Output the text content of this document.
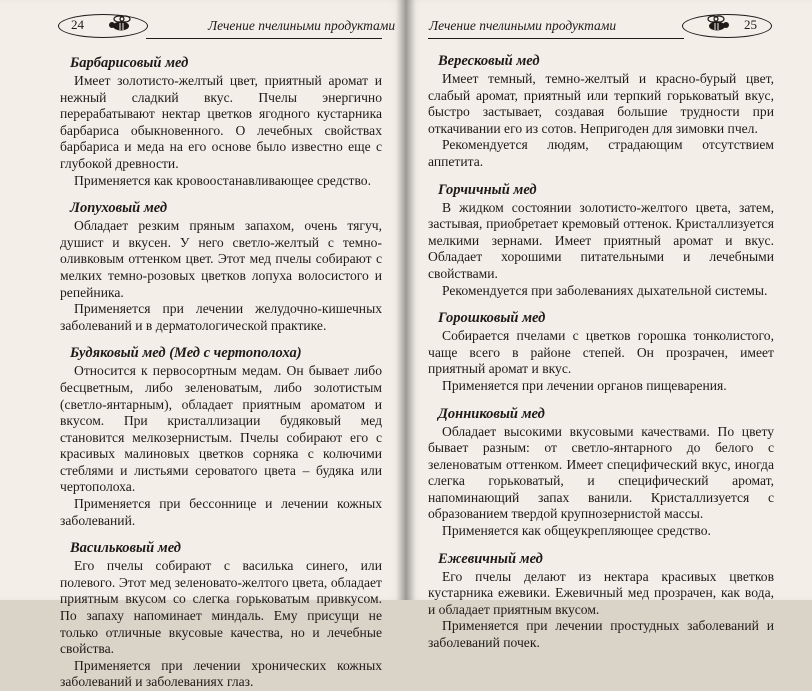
24	Лечение пчелиными продуктами
Барбарисовый мед

Имеет золотисто-желтый цвет, приятный аромат и нежный сладкий вкус. Пчелы энергично перерабатывают нектар цветков ягодного кустарника барбариса обыкновенного. О лечебных свойствах барбариса и меда на его основе было известно еще с глубокой древности.

Применяется как кровоостанавливающее средство.

Лопуховый мед

Обладает резким пряным запахом, очень тягуч, душист и вкусен. У него светло-желтый с темно-оливковым оттенком цвет. Этот мед пчелы собирают с мелких темно-розовых цветков лопуха волосистого и репейника.

Применяется при лечении желудочно-кишечных заболеваний и в дерматологической практике.

Будяковый мед (Мед с чертополоха)

Относится к первосортным медам. Он бывает либо бесцветным, либо зеленоватым, либо золотистым (светло-янтарным), обладает приятным ароматом и вкусом. При кристаллизации будяковый мед становится мелкозернистым. Пчелы собирают его с красивых малиновых цветков сорняка с колючими стеблями и листьями сероватого цвета – будяка или чертополоха.

Применяется при бессоннице и лечении кожных заболеваний.

Васильковый мед

Его пчелы собирают с василька синего, или полевого. Этот мед зеленовато-желтого цвета, обладает приятным вкусом со слегка горьковатым привкусом. По запаху напоминает миндаль. Ему присущи не только отличные вкусовые качества, но и лечебные свойства.

Применяется при лечении хронических кожных заболеваний и заболеваниях глаз.

Лечение пчелиными продуктами	25
Вересковый мед

Имеет темный, темно-желтый и красно-бурый цвет, слабый аромат, приятный или терпкий горьковатый вкус, быстро застывает, создавая большие трудности при откачивании его из сотов. Непригоден для зимовки пчел.

Рекомендуется людям, страдающим отсутствием аппетита.

Горчичный мед

В жидком состоянии золотисто-желтого цвета, затем, застывая, приобретает кремовый оттенок. Кристаллизуется мелкими зернами. Имеет приятный аромат и вкус. Обладает хорошими питательными и лечебными свойствами.

Рекомендуется при заболеваниях дыхательной системы.

Горошковый мед

Собирается пчелами с цветков горошка тонколистого, чаще всего в районе степей. Он прозрачен, имеет приятный аромат и вкус.

Применяется при лечении органов пищеварения.

Донниковый мед

Обладает высокими вкусовыми качествами. По цвету бывает разным: от светло-янтарного до белого с зеленоватым оттенком. Имеет специфический вкус, иногда слегка горьковатый, и специфический аромат, напоминающий запах ванили. Кристаллизуется с образованием твердой крупнозернистой массы.

Применяется как общеукрепляющее средство.

Ежевичный мед

Его пчелы делают из нектара красивых цветков кустарника ежевики. Ежевичный мед прозрачен, как вода, и обладает приятным вкусом.

Применяется при лечении простудных заболеваний и заболеваний почек.
